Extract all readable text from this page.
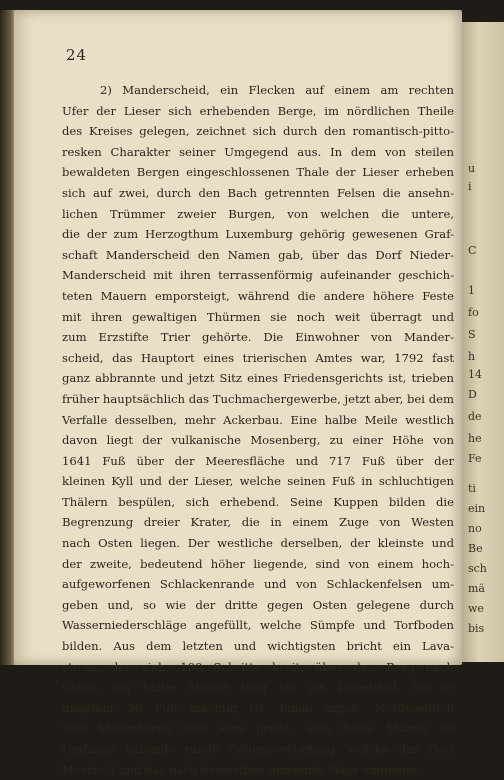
24
2) Manderscheid, ein Flecken auf einem am rechten
Ufer der Lieser sich erhebenden Berge, im nördlichen Theile
des Kreises gelegen, zeichnet sich durch den romantisch-pitto-
resken Charakter seiner Umgegend aus. In dem von steilen
bewaldeten Bergen eingeschlossenen Thale der Lieser erheben
sich auf zwei, durch den Bach getrennten Felsen die ansehn-
lichen Trümmer zweier Burgen, von welchen die untere,
die der zum Herzogthum Luxemburg gehörig gewesenen Graf-
schaft Manderscheid den Namen gab, über das Dorf Nieder-
Manderscheid mit ihren terrassenförmig aufeinander geschich-
teten Mauern emporsteigt, während die andere höhere Feste
mit ihren gewaltigen Thürmen sie noch weit überragt und
zum Erzstifte Trier gehörte. Die Einwohner von Mander-
scheid, das Hauptort eines trierischen Amtes war, 1792 fast
ganz abbrannte und jetzt Sitz eines Friedensgerichts ist, trieben
früher hauptsächlich das Tuchmachergewerbe, jetzt aber, bei dem
Verfalle desselben, mehr Ackerbau. Eine halbe Meile westlich
davon liegt der vulkanische Mosenberg, zu einer Höhe von
1641 Fuß über der Meeresfläche und 717 Fuß über der
kleinen Kyll und der Lieser, welche seinen Fuß in schluchtigen
Thälern bespülen, sich erhebend. Seine Kuppen bilden die
Begrenzung dreier Krater, die in einem Zuge von Westen
nach Osten liegen. Der westliche derselben, der kleinste und
der zweite, bedeutend höher liegende, sind von einem hoch-
aufgeworfenen Schlackenrande und von Schlackenfelsen um-
geben und, so wie der dritte gegen Osten gelegene durch
Wasserniederschläge angefüllt, welche Sümpfe und Torfboden
bilden. Aus dem letzten und wichtigsten bricht ein Lava-
strom, der sich, 100 Schritte breit, über den Berg nach
Osten, ein halbe Stunde lang bis ins Lieserthal, wo er
ungefähr 30 Fuß mächtig ist, hinab ergoß. Nordwestlich
vom Mosenberge liegt eine große, eine halbe Stunde im
Umfange habende runde Gebirgsvertiefung, welche das Dorf
Meerfeld und das nach demselben genannte Maar einnimmt.
u
i
C
1
fo
S
h
14
D
de
he
Fe
ti
ein
no
Be
sch
mä
we
bis
